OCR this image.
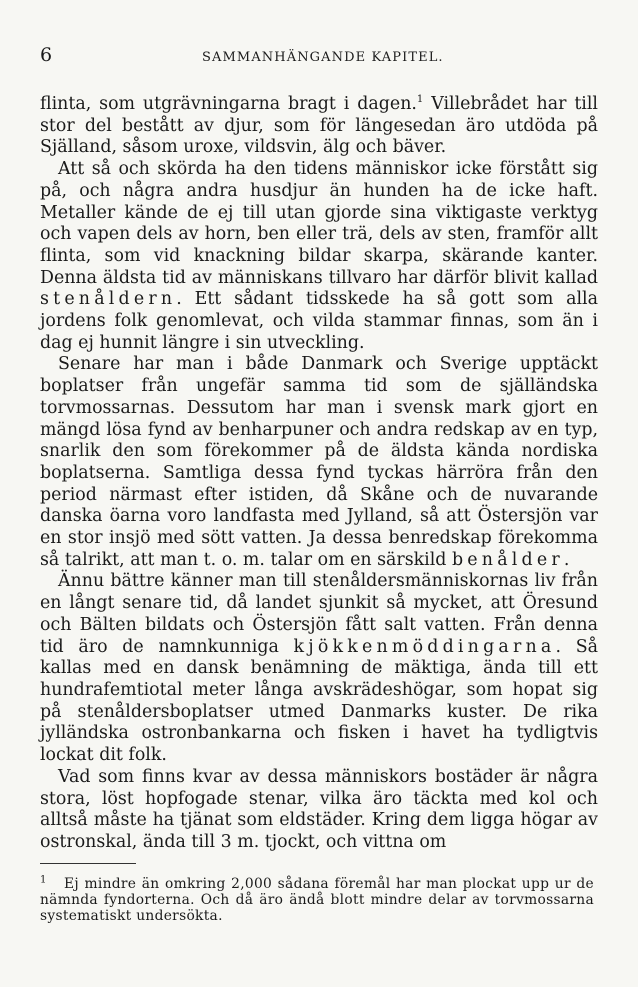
6	SAMMANHÄNGANDE KAPITEL.

flinta, som utgrävningarna bragt i dagen.$^1$ Villebrådet har till stor del bestått av djur, som för längesedan äro utdöda på Själland, såsom uroxe, vildsvin, älg och bäver.

Att så och skörda ha den tidens människor icke förstått sig på, och några andra husdjur än hunden ha de icke haft. Metaller kände de ej till utan gjorde sina viktigaste verktyg och vapen dels av horn, ben eller trä, dels av sten, framför allt flinta, som vid knackning bildar skarpa, skärande kanter. Denna äldsta tid av människans tillvaro har därför blivit kallad stenåldern. Ett sådant tidsskede ha så gott som alla jordens folk genomlevat, och vilda stammar finnas, som än i dag ej hunnit längre i sin utveckling.

Senare har man i både Danmark och Sverige upptäckt boplatser från ungefär samma tid som de själländska torvmossarnas. Dessutom har man i svensk mark gjort en mängd lösa fynd av benharpuner och andra redskap av en typ, snarlik den som förekommer på de äldsta kända nordiska boplatserna. Samtliga dessa fynd tyckas härröra från den period närmast efter istiden, då Skåne och de nuvarande danska öarna voro landfasta med Jylland, så att Östersjön var en stor insjö med sött vatten. Ja dessa benredskap förekomma så talrikt, att man t. o. m. talar om en särskild benålder.

Ännu bättre känner man till stenåldersmänniskornas liv från en långt senare tid, då landet sjunkit så mycket, att Öresund och Bälten bildats och Östersjön fått salt vatten. Från denna tid äro de namnkunniga kjökkenmöddingarna. Så kallas med en dansk benämning de mäktiga, ända till ett hundrafemtiotal meter långa avskrädeshögar, som hopat sig på stenåldersboplatser utmed Danmarks kuster. De rika jylländska ostronbankarna och fisken i havet ha tydligtvis lockat dit folk.

Vad som finns kvar av dessa människors bostäder är några stora, löst hopfogade stenar, vilka äro täckta med kol och alltså måste ha tjänat som eldstäder. Kring dem ligga högar av ostronskal, ända till 3 m. tjockt, och vittna om

$^1$ Ej mindre än omkring 2,000 sådana föremål har man plockat upp ur de nämnda fyndorterna. Och då äro ändå blott mindre delar av torvmossarna systematiskt undersökta.
